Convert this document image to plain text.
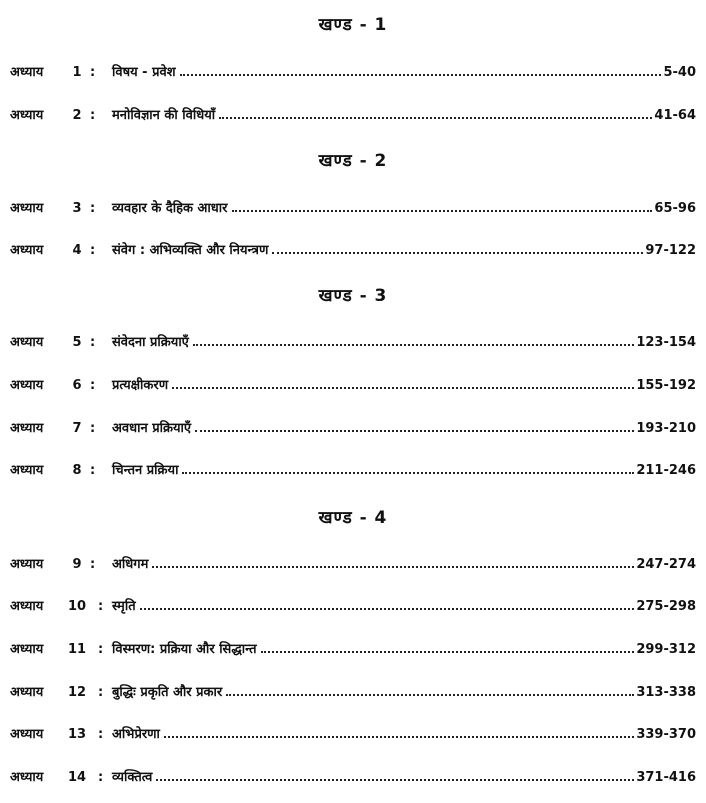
खण्ड - 1
अध्याय	1 :	विषय - प्रवेश	5-40
अध्याय	2 :	मनोविज्ञान की विधियाँ	41-64
खण्ड - 2
अध्याय	3 :	व्यवहार के दैहिक आधार	65-96
अध्याय	4 :	संवेग : अभिव्यक्ति और नियन्त्रण	97-122
खण्ड - 3
अध्याय	5 :	संवेदना प्रक्रियाएँ	123-154
अध्याय	6 :	प्रत्यक्षीकरण	155-192
अध्याय	7 :	अवधान प्रक्रियाएँ	193-210
अध्याय	8 :	चिन्तन प्रक्रिया	211-246
खण्ड - 4
अध्याय	9 :	अधिगम	247-274
अध्याय	10 : स्मृति	275-298
अध्याय	11 : विस्मरण: प्रक्रिया और सिद्धान्त	299-312
अध्याय	12 : बुद्धिः प्रकृति और प्रकार	313-338
अध्याय	13 : अभिप्रेरणा	339-370
अध्याय	14 : व्यक्तित्व	371-416
